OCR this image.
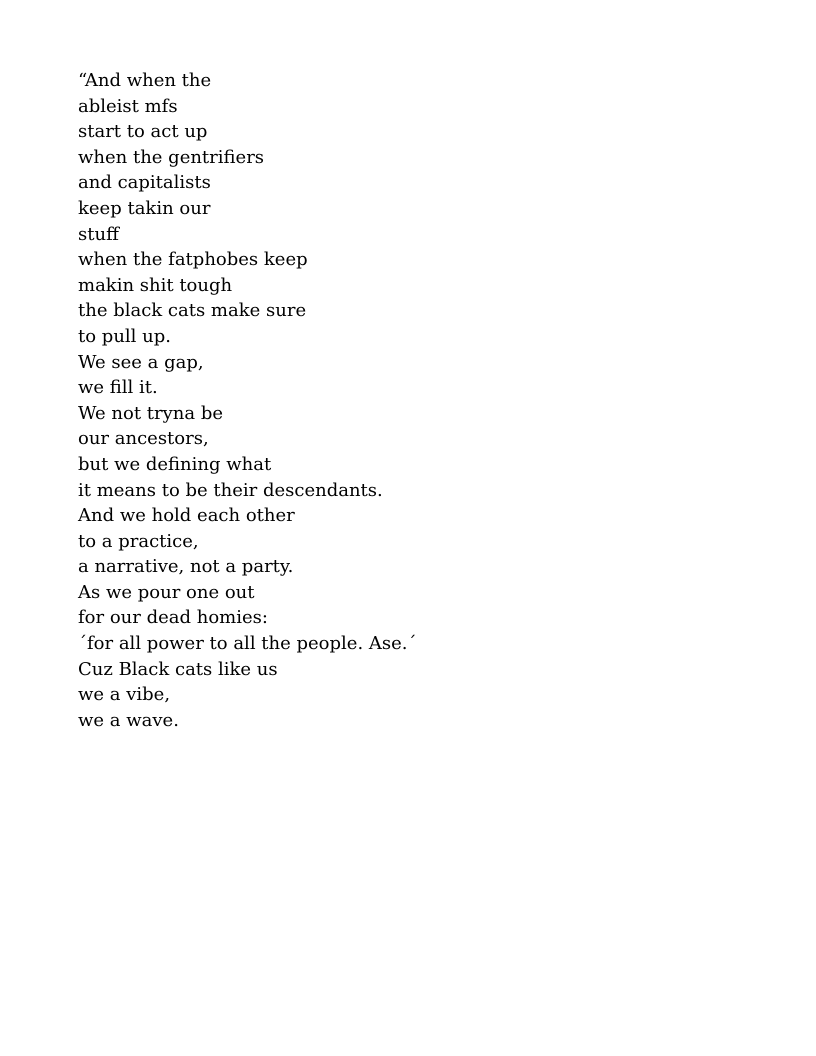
“And when the
ableist mfs
start to act up
when the gentrifiers
and capitalists
keep takin our
stuff
when the fatphobes keep
makin shit tough
the black cats make sure
to pull up.
We see a gap,
we fill it.
We not tryna be
our ancestors,
but we defining what
it means to be their descendants.
And we hold each other
to a practice,
a narrative, not a party.
As we pour one out
for our dead homies:
´for all power to all the people. Ase.´
Cuz Black cats like us
we a vibe,
we a wave.
